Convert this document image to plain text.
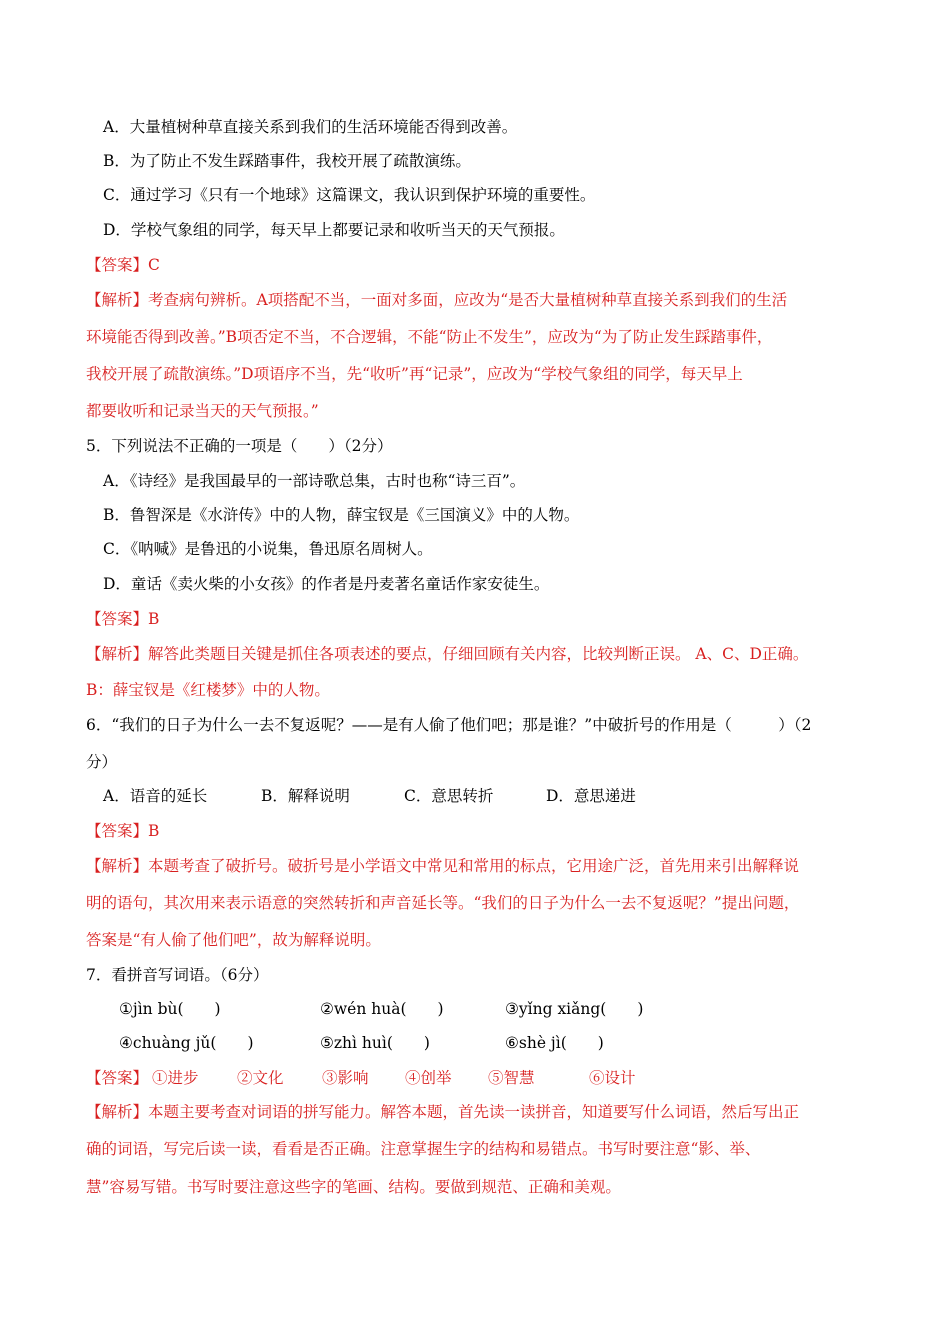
A．大量植树种草直接关系到我们的生活环境能否得到改善。
B．为了防止不发生踩踏事件，我校开展了疏散演练。
C．通过学习《只有一个地球》这篇课文，我认识到保护环境的重要性。
D．学校气象组的同学，每天早上都要记录和收听当天的天气预报。
【答案】C
【解析】考查病句辨析。A项搭配不当，一面对多面，应改为“是否大量植树种草直接关系到我们的生活
环境能否得到改善。”B项否定不当，不合逻辑，不能“防止不发生”，应改为“为了防止发生踩踏事件，
我校开展了疏散演练。”D项语序不当，先“收听”再“记录”，应改为“学校气象组的同学，每天早上
都要收听和记录当天的天气预报。”
5．下列说法不正确的一项是（　　）（2分）
A．《诗经》是我国最早的一部诗歌总集，古时也称“诗三百”。
B．鲁智深是《水浒传》中的人物，薛宝钗是《三国演义》中的人物。
C．《呐喊》是鲁迅的小说集，鲁迅原名周树人。
D．童话《卖火柴的小女孩》的作者是丹麦著名童话作家安徒生。
【答案】B
【解析】解答此类题目关键是抓住各项表述的要点，仔细回顾有关内容，比较判断正误。 A、C、D正确。
B：薛宝钗是《红楼梦》中的人物。
6．“我们的日子为什么一去不复返呢？——是有人偷了他们吧；那是谁？”中破折号的作用是（　　　）（2
分）
A．语音的延长	B．解释说明	C．意思转折	D．意思递进
【答案】B
【解析】本题考查了破折号。破折号是小学语文中常见和常用的标点，它用途广泛，首先用来引出解释说
明的语句，其次用来表示语意的突然转折和声音延长等。“我们的日子为什么一去不复返呢？”提出问题，
答案是“有人偷了他们吧”，故为解释说明。
7．看拼音写词语。（6分）
①jìn bù(　　)	②wén huà(　　)	③yǐng xiǎng(　　)
④chuàng jǔ(　　)	⑤zhì huì(　　)	⑥shè jì(　　)
【答案】 ①进步 ②文化 ③影响 ④创举 ⑤智慧	⑥设计
【解析】本题主要考查对词语的拼写能力。解答本题，首先读一读拼音，知道要写什么词语，然后写出正
确的词语，写完后读一读，看看是否正确。注意掌握生字的结构和易错点。书写时要注意“影、举、
慧”容易写错。书写时要注意这些字的笔画、结构。要做到规范、正确和美观。
